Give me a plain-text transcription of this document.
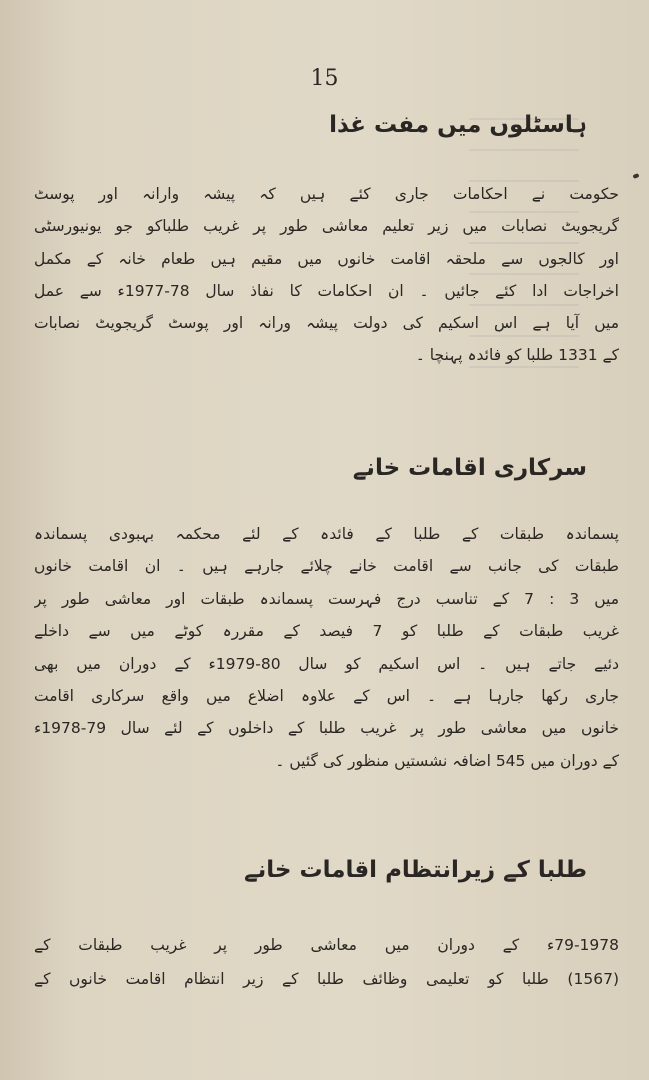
15
ہاسٹلوں میں مفت غذا
حکومت نے احکامات جاری کئے ہیں کہ پیشہ وارانہ اور پوسٹ
گریجویٹ نصابات میں زیر تعلیم معاشی طور پر غریب طلباکو جو یونیورسٹی
اور کالجوں سے ملحقہ اقامت خانوں میں مقیم ہیں طعام خانہ کے مکمل
اخراجات ادا کئے جائیں ۔ ان احکامات کا نفاذ سال 78-1977ء سے عمل
میں آیا ہے اس اسکیم کی دولت پیشہ ورانہ اور پوسٹ گریجویٹ نصابات
کے 1331 طلبا کو فائدہ پہنچا ۔
سرکاری اقامات خانے
پسماندہ طبقات کے طلبا کے فائدہ کے لئے محکمہ بہبودی پسماندہ
طبقات کی جانب سے اقامت خانے چلائے جارہے ہیں ۔ ان اقامت خانوں
میں 3 : 7 کے تناسب درج فہرست پسماندہ طبقات اور معاشی طور پر
غریب طبقات کے طلبا کو 7 فیصد کے مقررہ کوٹے میں سے داخلے
دئیے جاتے ہیں ۔ اس اسکیم کو سال 80-1979ء کے دوران میں بھی
جاری رکھا جارہا ہے ۔ اس کے علاوہ اضلاع میں واقع سرکاری اقامت
خانوں میں معاشی طور پر غریب طلبا کے داخلوں کے لئے سال 79-1978ء
کے دوران میں 545 اضافہ نشستیں منظور کی گئیں ۔
طلبا کے زیرانتظام اقامات خانے
79-1978ء کے دوران میں معاشی طور پر غریب طبقات کے
(1567) طلبا کو تعلیمی وظائف طلبا کے زیر انتظام اقامت خانوں کے
